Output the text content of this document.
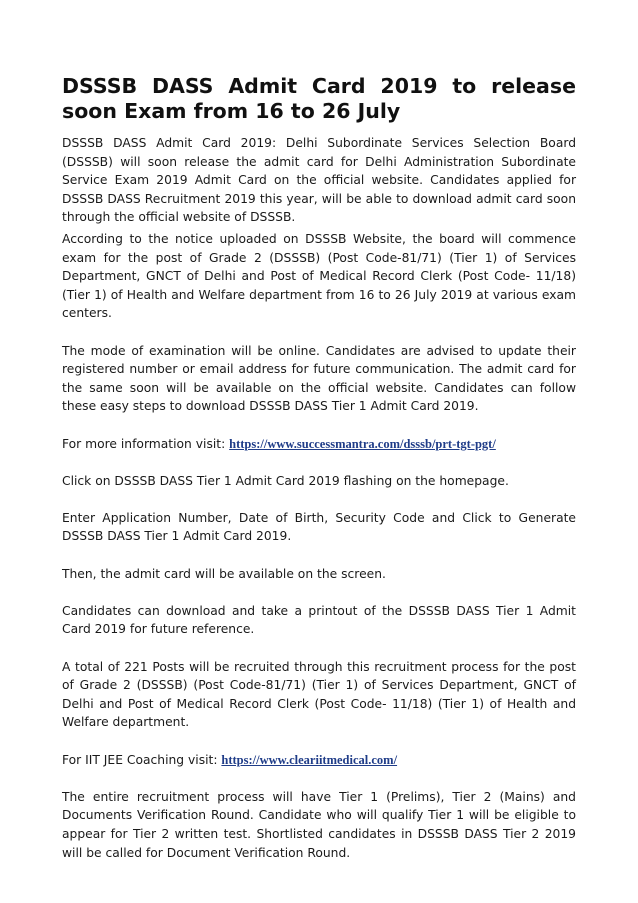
DSSSB DASS Admit Card 2019 to release soon Exam from 16 to 26 July

DSSSB DASS Admit Card 2019: Delhi Subordinate Services Selection Board (DSSSB) will soon release the admit card for Delhi Administration Subordinate Service Exam 2019 Admit Card on the official website. Candidates applied for DSSSB DASS Recruitment 2019 this year, will be able to download admit card soon through the official website of DSSSB.

According to the notice uploaded on DSSSB Website, the board will commence exam for the post of Grade 2 (DSSSB) (Post Code-81/71) (Tier 1) of Services Department, GNCT of Delhi and Post of Medical Record Clerk (Post Code- 11/18) (Tier 1) of Health and Welfare department from 16 to 26 July 2019 at various exam centers.

The mode of examination will be online. Candidates are advised to update their registered number or email address for future communication. The admit card for the same soon will be available on the official website. Candidates can follow these easy steps to download DSSSB DASS Tier 1 Admit Card 2019.

For more information visit: https://www.successmantra.com/dsssb/prt-tgt-pgt/

Click on DSSSB DASS Tier 1 Admit Card 2019 flashing on the homepage.

Enter Application Number, Date of Birth, Security Code and Click to Generate DSSSB DASS Tier 1 Admit Card 2019.

Then, the admit card will be available on the screen.

Candidates can download and take a printout of the DSSSB DASS Tier 1 Admit Card 2019 for future reference.

A total of 221 Posts will be recruited through this recruitment process for the post of Grade 2 (DSSSB) (Post Code-81/71) (Tier 1) of Services Department, GNCT of Delhi and Post of Medical Record Clerk (Post Code- 11/18) (Tier 1) of Health and Welfare department.

For IIT JEE Coaching visit: https://www.cleariitmedical.com/

The entire recruitment process will have Tier 1 (Prelims), Tier 2 (Mains) and Documents Verification Round. Candidate who will qualify Tier 1 will be eligible to appear for Tier 2 written test. Shortlisted candidates in DSSSB DASS Tier 2 2019 will be called for Document Verification Round.
